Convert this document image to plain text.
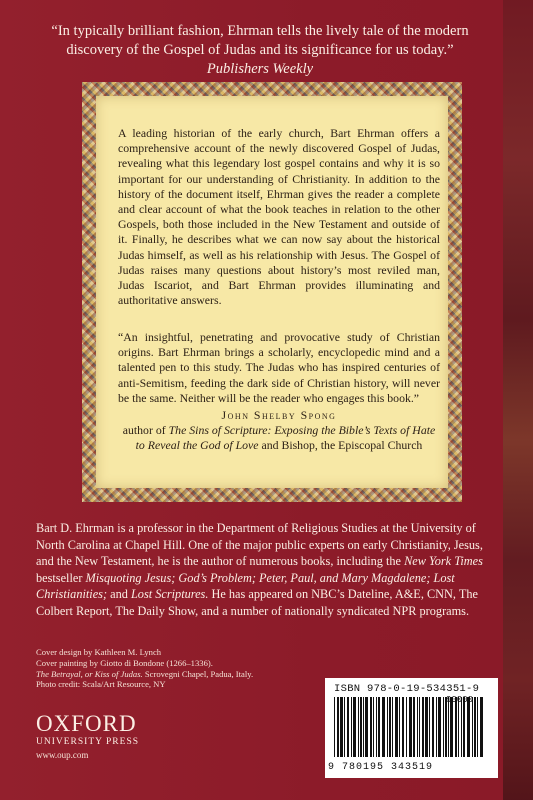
“In typically brilliant fashion, Ehrman tells the lively tale of the modern discovery of the Gospel of Judas and its significance for us today.”
Publishers Weekly
A leading historian of the early church, Bart Ehrman offers a comprehensive account of the newly discovered Gospel of Judas, revealing what this legendary lost gospel contains and why it is so important for our understanding of Christianity. In addition to the history of the document itself, Ehrman gives the reader a complete and clear account of what the book teaches in relation to the other Gospels, both those included in the New Testament and outside of it. Finally, he describes what we can now say about the historical Judas himself, as well as his relationship with Jesus. The Gospel of Judas raises many questions about history’s most reviled man, Judas Iscariot, and Bart Ehrman provides illuminating and authoritative answers.
“An insightful, penetrating and provocative study of Christian origins. Bart Ehrman brings a scholarly, encyclopedic mind and a talented pen to this study. The Judas who has inspired centuries of anti-Semitism, feeding the dark side of Christian history, will never be the same. Neither will be the reader who engages this book.”
John Shelby Spong
author of The Sins of Scripture: Exposing the Bible’s Texts of Hate to Reveal the God of Love and Bishop, the Episcopal Church
Bart D. Ehrman is a professor in the Department of Religious Studies at the University of North Carolina at Chapel Hill. One of the major public experts on early Christianity, Jesus, and the New Testament, he is the author of numerous books, including the New York Times bestseller Misquoting Jesus; God’s Problem; Peter, Paul, and Mary Magdalene; Lost Christianities; and Lost Scriptures. He has appeared on NBC’s Dateline, A&E, CNN, The Colbert Report, The Daily Show, and a number of nationally syndicated NPR programs.
Cover design by Kathleen M. Lynch
Cover painting by Giotto di Bondone (1266–1336).
The Betrayal, or Kiss of Judas. Scrovegni Chapel, Padua, Italy.
Photo credit: Scala/Art Resource, NY
OXFORD
UNIVERSITY PRESS
www.oup.com
ISBN 978-0-19-534351-9
90000
9 780195 343519
